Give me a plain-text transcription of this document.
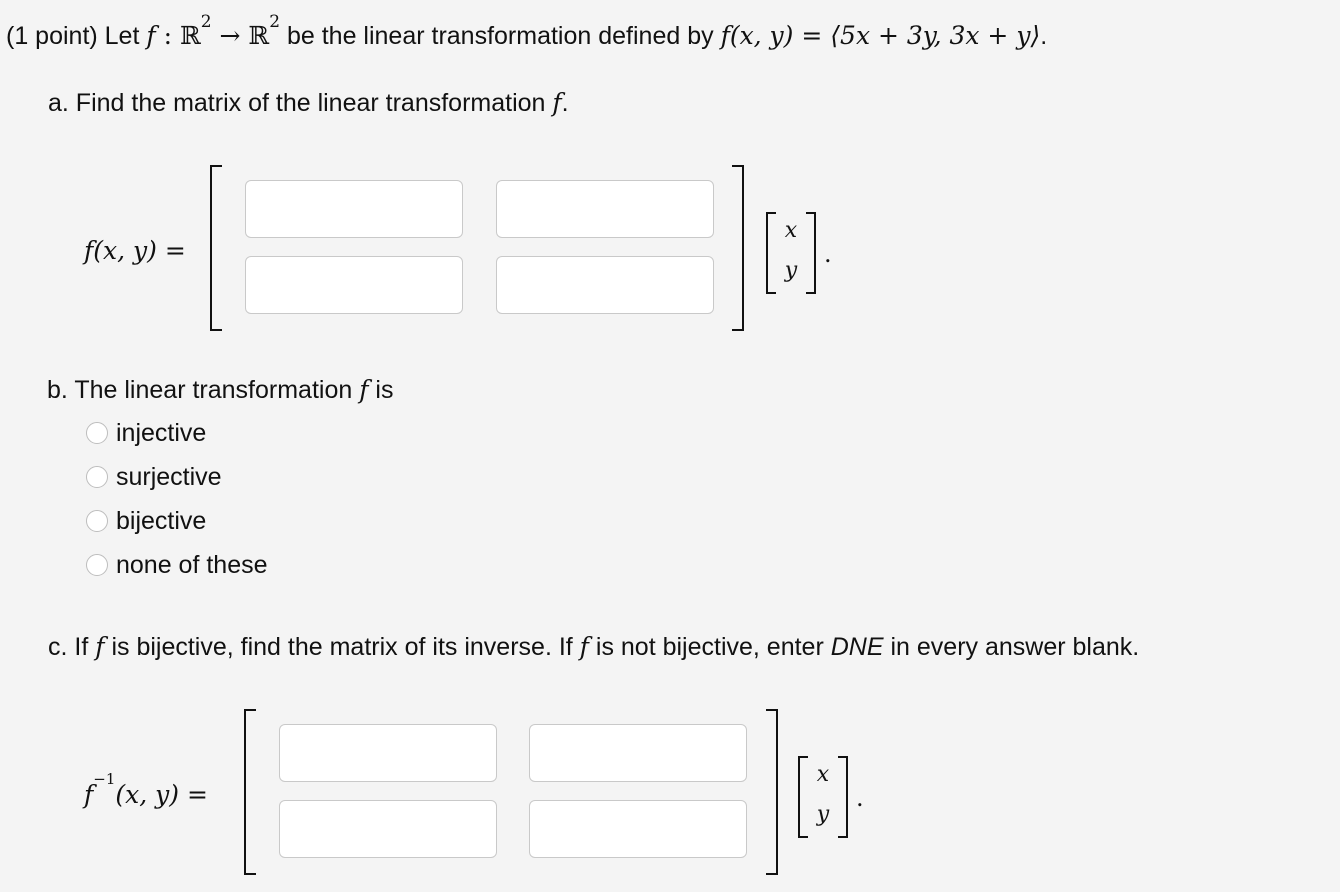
(1 point) Let f : ℝ$^2$ → ℝ$^2$ be the linear transformation defined by f(x, y) = ⟨5x + 3y, 3x + y⟩.
a. Find the matrix of the linear transformation f.
f(x, y) =
x
y
.
b. The linear transformation f is
injective
surjective
bijective
none of these
c. If f is bijective, find the matrix of its inverse. If f is not bijective, enter DNE in every answer blank.
$f^{-1}(x$, y) =
x
y
.
